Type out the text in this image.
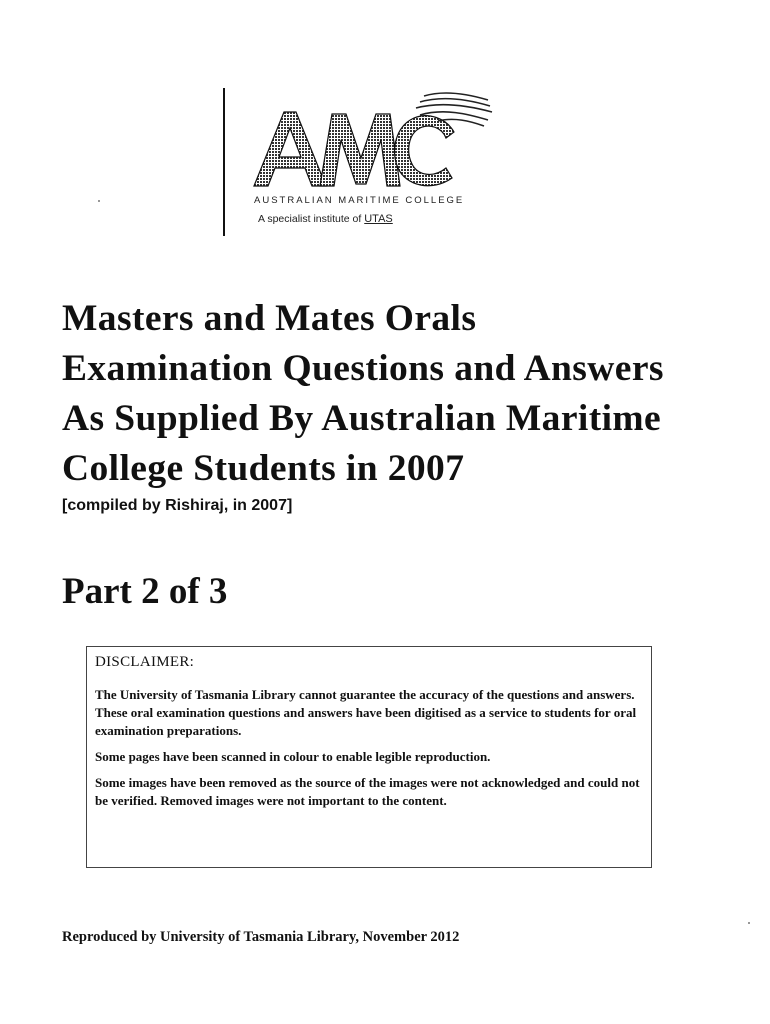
AUSTRALIAN MARITIME COLLEGE
A specialist institute of UTAS
Masters and Mates Orals
Examination Questions and Answers
As Supplied By Australian Maritime
College Students in 2007

[compiled by Rishiraj, in 2007]

Part 2 of 3
DISCLAIMER:

The University of Tasmania Library cannot guarantee the accuracy of the questions and answers. These oral examination questions and answers have been digitised as a service to students for oral examination preparations.

Some pages have been scanned in colour to enable legible reproduction.

Some images have been removed as the source of the images were not acknowledged and could not be verified. Removed images were not important to the content.

Reproduced by University of Tasmania Library, November 2012
